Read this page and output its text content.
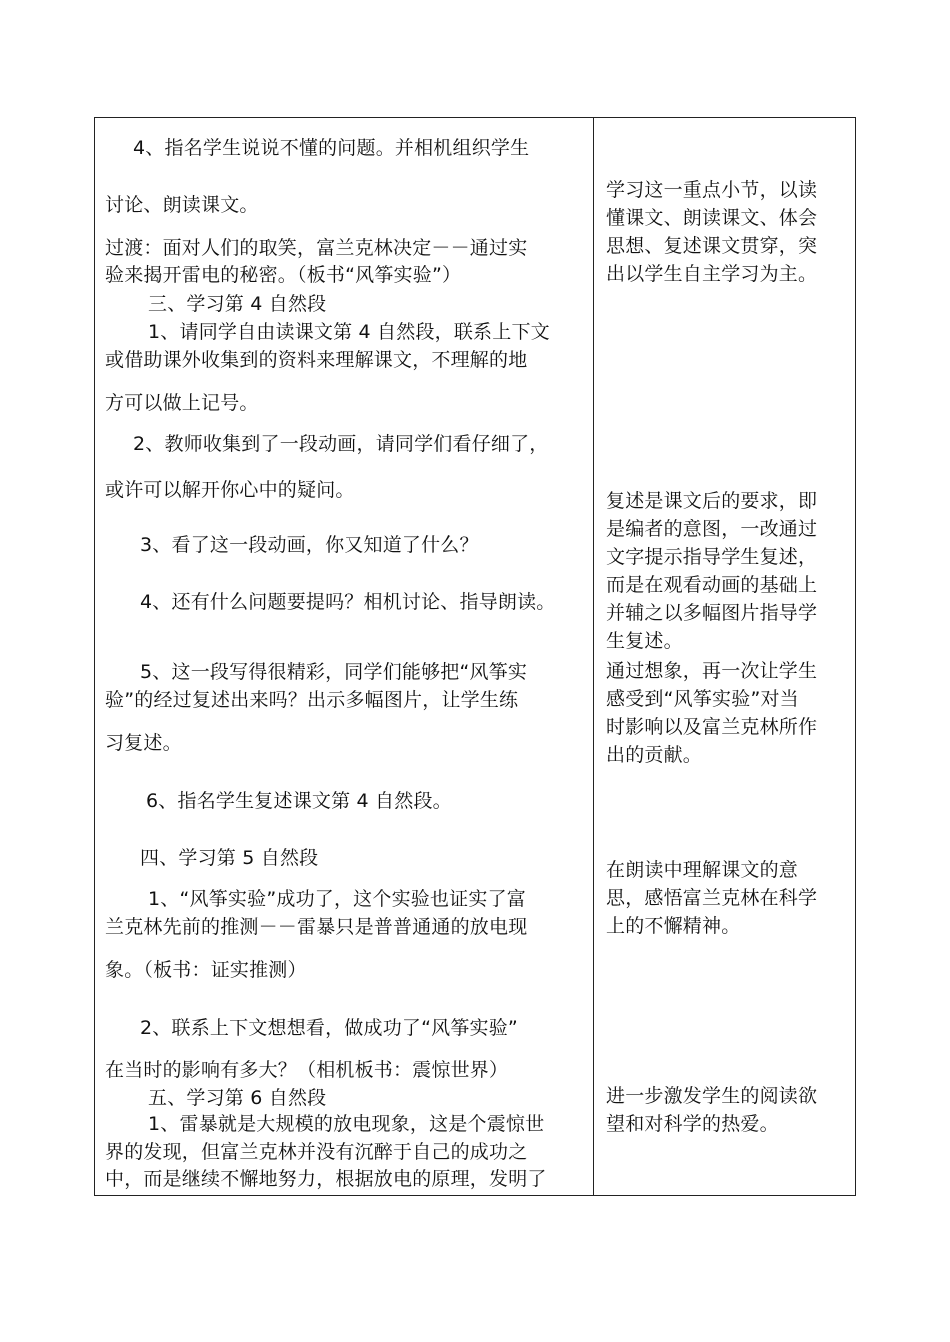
4、指名学生说说不懂的问题。并相机组织学生
讨论、朗读课文。
过渡：面对人们的取笑，富兰克林决定－－通过实
验来揭开雷电的秘密。（板书“风筝实验”）
三、学习第 4 自然段
1、请同学自由读课文第 4 自然段，联系上下文
或借助课外收集到的资料来理解课文，不理解的地
方可以做上记号。
2、教师收集到了一段动画，请同学们看仔细了，
或许可以解开你心中的疑问。
3、看了这一段动画，你又知道了什么？
4、还有什么问题要提吗？相机讨论、指导朗读。
5、这一段写得很精彩，同学们能够把“风筝实
验”的经过复述出来吗？出示多幅图片，让学生练
习复述。
6、指名学生复述课文第 4 自然段。
四、学习第 5 自然段
1、“风筝实验”成功了，这个实验也证实了富
兰克林先前的推测－－雷暴只是普普通通的放电现
象。（板书：证实推测）
2、联系上下文想想看，做成功了“风筝实验”
在当时的影响有多大？（相机板书：震惊世界）
五、学习第 6 自然段
1、雷暴就是大规模的放电现象，这是个震惊世
界的发现，但富兰克林并没有沉醉于自己的成功之
中，而是继续不懈地努力，根据放电的原理，发明了
学习这一重点小节，以读
懂课文、朗读课文、体会
思想、复述课文贯穿，突
出以学生自主学习为主。
复述是课文后的要求，即
是编者的意图，一改通过
文字提示指导学生复述，
而是在观看动画的基础上
并辅之以多幅图片指导学
生复述。
通过想象，再一次让学生
感受到“风筝实验”对当
时影响以及富兰克林所作
出的贡献。
在朗读中理解课文的意
思，感悟富兰克林在科学
上的不懈精神。
进一步激发学生的阅读欲
望和对科学的热爱。
